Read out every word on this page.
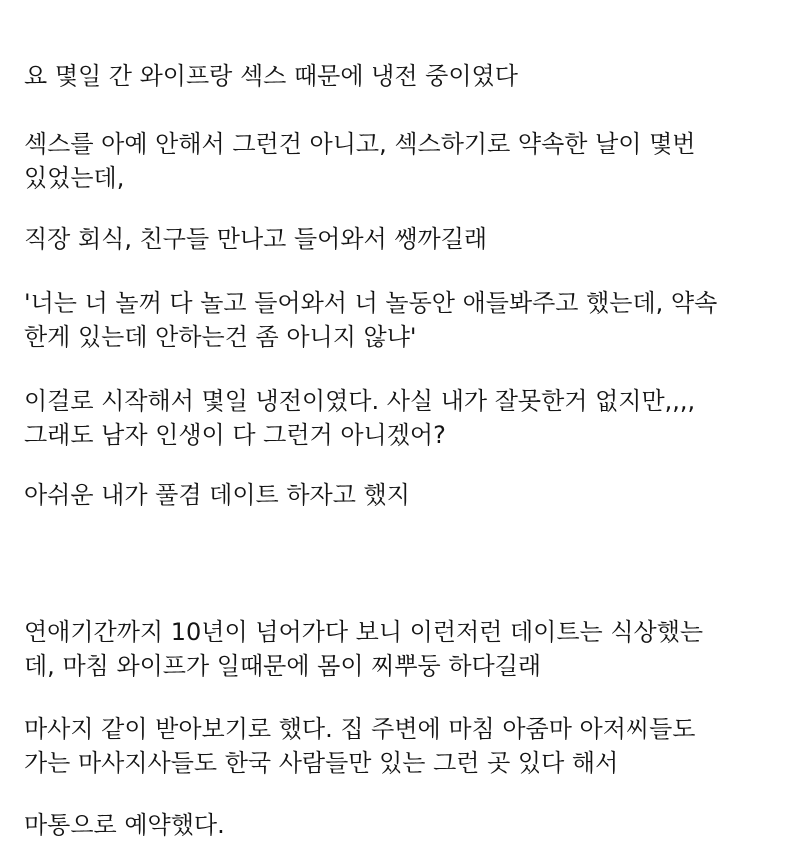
요 몇일 간 와이프랑 섹스 때문에 냉전 중이였다

섹스를 아예 안해서 그런건 아니고, 섹스하기로 약속한 날이 몇번
있었는데,

직장 회식, 친구들 만나고 들어와서 쌩까길래

'너는 너 놀꺼 다 놀고 들어와서 너 놀동안 애들봐주고 했는데, 약속
한게 있는데 안하는건 좀 아니지 않냐'

이걸로 시작해서 몇일 냉전이였다. 사실 내가 잘못한거 없지만,,,,
그래도 남자 인생이 다 그런거 아니겠어?

아쉬운 내가 풀겸 데이트 하자고 했지

연애기간까지 10년이 넘어가다 보니 이런저런 데이트는 식상했는
데, 마침 와이프가 일때문에 몸이 찌뿌둥 하다길래

마사지 같이 받아보기로 했다. 집 주변에 마침 아줌마 아저씨들도
가는 마사지사들도 한국 사람들만 있는 그런 곳 있다 해서

마통으로 예약했다.
